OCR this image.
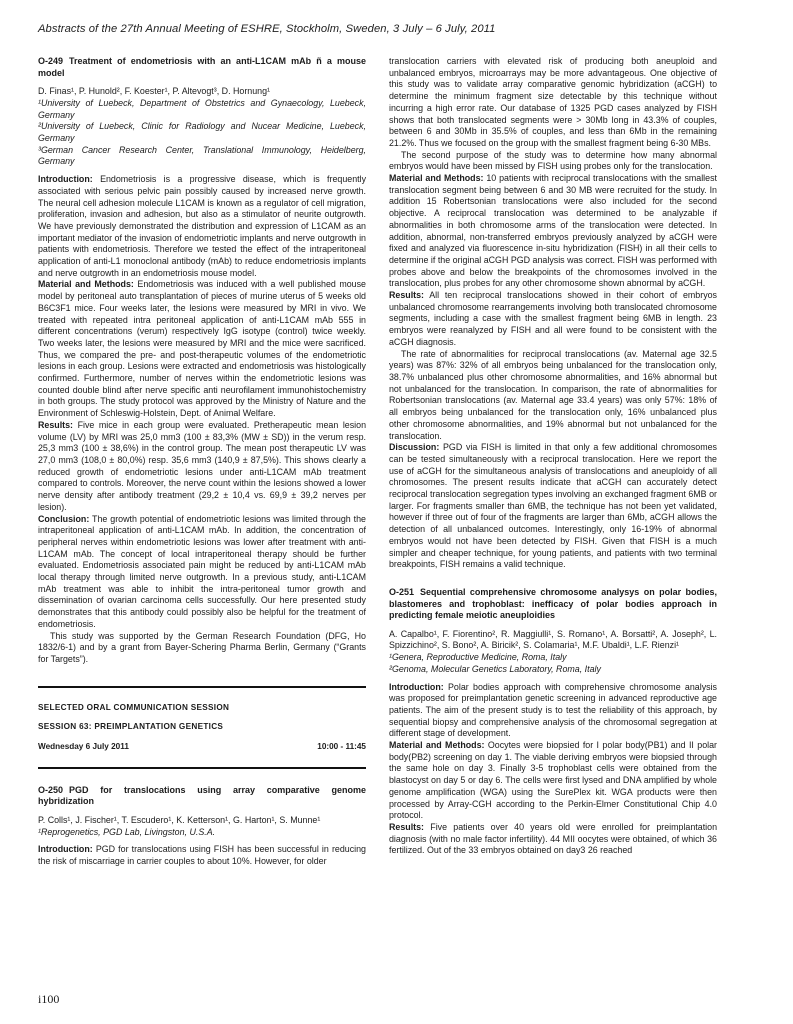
Abstracts of the 27th Annual Meeting of ESHRE, Stockholm, Sweden, 3 July – 6 July, 2011
O-249 Treatment of endometriosis with an anti-L1CAM mAb ñ a mouse model

D. Finas¹, P. Hunold², F. Koester¹, P. Altevogt³, D. Hornung¹

¹University of Luebeck, Department of Obstetrics and Gynaecology, Luebeck, Germany

²University of Luebeck, Clinic for Radiology and Nucear Medicine, Luebeck, Germany

³German Cancer Research Center, Translational Immunology, Heidelberg, Germany

Introduction: Endometriosis is a progressive disease, which is frequently associated with serious pelvic pain possibly caused by increased nerve growth. The neural cell adhesion molecule L1CAM is known as a regulator of cell migration, proliferation, invasion and adhesion, but also as a stimulator of neurite outgrowth. We have previously demonstrated the distribution and expression of L1CAM as an important mediator of the invasion of endometriotic implants and nerve outgrowth in patients with endometriosis. Therefore we tested the effect of the intraperitoneal application of anti-L1 monoclonal antibody (mAb) to reduce endometriosis implants and nerve outgrowth in an endometriosis mouse model.

Material and Methods: Endometriosis was induced with a well published mouse model by peritoneal auto transplantation of pieces of murine uterus of 5 weeks old B6C3F1 mice. Four weeks later, the lesions were measured by MRI in vivo. We treated with repeated intra peritoneal application of anti-L1CAM mAb 555 in different concentrations (verum) respectively IgG isotype (control) twice weekly. Two weeks later, the lesions were measured by MRI and the mice were sacrificed. Thus, we compared the pre- and post-therapeutic volumes of the endometriotic lesions in each group. Lesions were extracted and endometriosis was histologically confirmed. Furthermore, number of nerves within the endometriotic lesions was counted double blind after nerve specific anti neurofilament immunohistochemistry in both groups. The study protocol was approved by the Ministry of Nature and the Environment of Schleswig-Holstein, Dept. of Animal Welfare.

Results: Five mice in each group were evaluated. Pretherapeutic mean lesion volume (LV) by MRI was 25,0 mm3 (100 ± 83,3% (MW ± SD)) in the verum resp. 25,3 mm3 (100 ± 38,6%) in the control group. The mean post therapeutic LV was 27,0 mm3 (108,0 ± 80,0%) resp. 35,6 mm3 (140,9 ± 87,5%). This shows clearly a reduced growth of endometriotic lesions under anti-L1CAM mAb treatment compared to controls. Moreover, the nerve count within the lesions showed a lower nerve density after antibody treatment (29,2 ± 10,4 vs. 69,9 ± 39,2 nerves per lesion).

Conclusion: The growth potential of endometriotic lesions was limited through the intraperitoneal application of anti-L1CAM mAb. In addition, the concentration of peripheral nerves within endometriotic lesions was lower after treatment with anti-L1CAM mAb. The concept of local intraperitoneal therapy should be further evaluated. Endometriosis associated pain might be reduced by anti-L1CAM mAb local therapy through limited nerve outgrowth. In a previous study, anti-L1CAM mAb treatment was able to inhibit the intra-peritoneal tumor growth and dissemination of ovarian carcinoma cells successfully. Our here presented study demonstrates that this antibody could possibly also be helpful for the treatment of endometriosis.

This study was supported by the German Research Foundation (DFG, Ho 1832/6-1) and by a grant from Bayer-Schering Pharma Berlin, Germany (“Grants for Targets”).

SELECTED ORAL COMMUNICATION SESSION

SESSION 63: PREIMPLANTATION GENETICS

Wednesday 6 July 2011	10:00 - 11:45
O-250 PGD for translocations using array comparative genome hybridization

P. Colls¹, J. Fischer¹, T. Escudero¹, K. Ketterson¹, G. Harton¹, S. Munne¹

¹Reprogenetics, PGD Lab, Livingston, U.S.A.

Introduction: PGD for translocations using FISH has been successful in reducing the risk of miscarriage in carrier couples to about 10%. However, for older

translocation carriers with elevated risk of producing both aneuploid and unbalanced embryos, microarrays may be more advantageous. One objective of this study was to validate array comparative genomic hybridization (aCGH) to determine the minimum fragment size detectable by this technique without incurring a high error rate. Our database of 1325 PGD cases analyzed by FISH shows that both translocated segments were > 30Mb long in 43.3% of couples, between 6 and 30Mb in 35.5% of couples, and less than 6Mb in the remaining 21.2%. Thus we focused on the group with the smallest fragment being 6-30 MBs.

The second purpose of the study was to determine how many abnormal embryos would have been missed by FISH using probes only for the translocation.

Material and Methods: 10 patients with reciprocal translocations with the smallest translocation segment being between 6 and 30 MB were recruited for the study. In addition 15 Robertsonian translocations were also included for the second objective. A reciprocal translocation was determined to be analyzable if abnormalities in both chromosome arms of the translocation were detected. In addition, abnormal, non-transferred embryos previously analyzed by aCGH were fixed and analyzed via fluorescence in-situ hybridization (FISH) in all their cells to determine if the original aCGH PGD analysis was correct. FISH was performed with probes above and below the breakpoints of the chromosomes involved in the translocation, plus probes for any other chromosome shown abnormal by aCGH.

Results: All ten reciprocal translocations showed in their cohort of embryos unbalanced chromosome rearrangements involving both translocated chromosome segments, including a case with the smallest fragment being 6MB in length. 23 embryos were reanalyzed by FISH and all were found to be consistent with the aCGH diagnosis.

The rate of abnormalities for reciprocal translocations (av. Maternal age 32.5 years) was 87%: 32% of all embryos being unbalanced for the translocation only, 38.7% unbalanced plus other chromosome abnormalities, and 16% abnormal but not unbalanced for the translocation. In comparison, the rate of abnormalities for Robertsonian translocations (av. Maternal age 33.4 years) was only 57%: 18% of all embryos being unbalanced for the translocation only, 16% unbalanced plus other chromosome abnormalities, and 19% abnormal but not unbalanced for the translocation.

Discussion: PGD via FISH is limited in that only a few additional chromosomes can be tested simultaneously with a reciprocal translocation. Here we report the use of aCGH for the simultaneous analysis of translocations and aneuploidy of all chromosomes. The present results indicate that aCGH can accurately detect reciprocal translocation segregation types involving an exchanged fragment 6MB or larger. For fragments smaller than 6MB, the technique has not been yet validated, however if three out of four of the fragments are larger than 6Mb, aCGH allows the detection of all unbalanced outcomes. Interestingly, only 16-19% of abnormal embryos would not have been detected by FISH. Given that FISH is a much simpler and cheaper technique, for young patients, and patients with two terminal breakpoints, FISH remains a valid technique.

O-251 Sequential comprehensive chromosome analysys on polar bodies, blastomeres and trophoblast: inefficacy of polar bodies approach in predicting female meiotic aneuploidies

A. Capalbo¹, F. Fiorentino², R. Maggiulli¹, S. Romano¹, A. Borsatti², A. Joseph², L. Spizzichino², S. Bono², A. Biricik², S. Colamaria¹, M.F. Ubaldi¹, L.F. Rienzi¹

¹Genera, Reproductive Medicine, Roma, Italy

²Genoma, Molecular Genetics Laboratory, Roma, Italy

Introduction: Polar bodies approach with comprehensive chromosome analysis was proposed for preimplantation genetic screening in advanced reproductive age patients. The aim of the present study is to test the reliability of this approach, by sequential biopsy and comprehensive analysis of the chromosomal segregation at different stage of development.

Material and Methods: Oocytes were biopsied for I polar body(PB1) and II polar body(PB2) screening on day 1. The viable deriving embryos were biopsied through the same hole on day 3. Finally 3-5 trophoblast cells were obtained from the blastocyst on day 5 or day 6. The cells were first lysed and DNA amplified by whole genome amplification (WGA) using the SurePlex kit. WGA products were then processed by Array-CGH according to the Perkin-Elmer Constitutional Chip 4.0 protocol.

Results: Five patients over 40 years old were enrolled for preimplantation diagnosis (with no male factor infertility). 44 MII oocytes were obtained, of which 36 fertilized. Out of the 33 embryos obtained on day3 26 reached

i100
